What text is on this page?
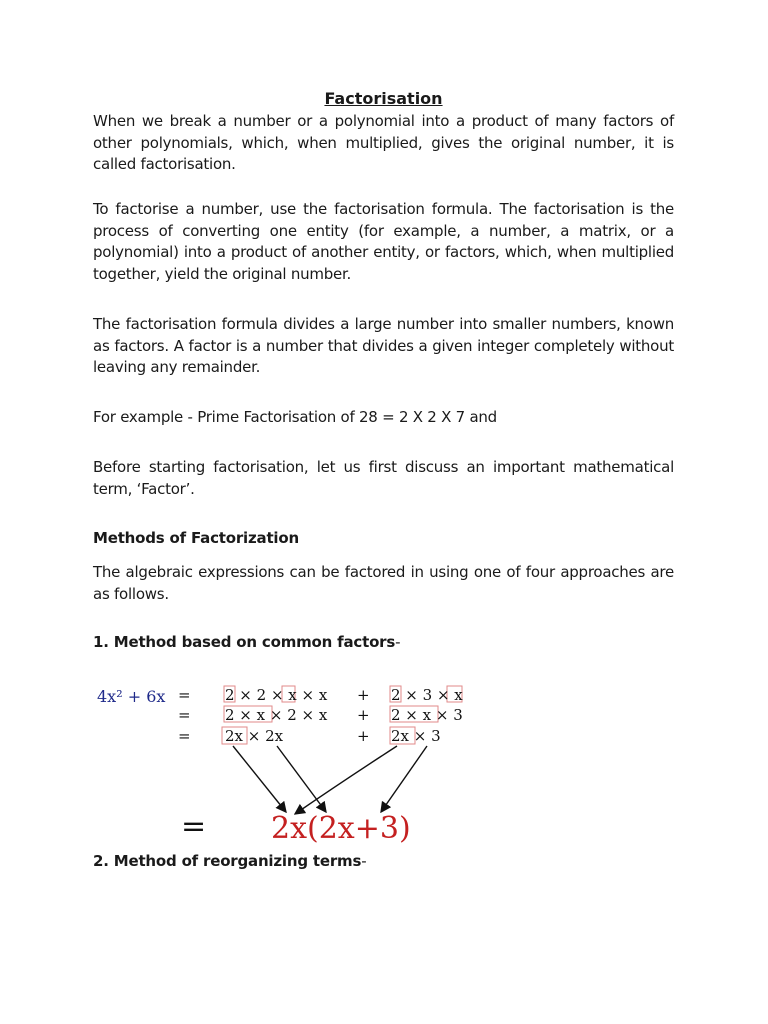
Factorisation

When we break a number or a polynomial into a product of many factors of other polynomials, which, when multiplied, gives the original number, it is called factorisation.

To factorise a number, use the factorisation formula. The factorisation is the process of converting one entity (for example, a number, a matrix, or a polynomial) into a product of another entity, or factors, which, when multiplied together, yield the original number.

The factorisation formula divides a large number into smaller numbers, known as factors. A factor is a number that divides a given integer completely without leaving any remainder.

For example - Prime Factorisation of 28 = 2 X 2 X 7 and

Before starting factorisation, let us first discuss an important mathematical term, ‘Factor’.

Methods of Factorization

The algebraic expressions can be factored in using one of four approaches are as follows.

1. Method based on common factors-

2. Method of reorganizing terms-

4x² + 6x = 2 × 2 × x × x + 2 × 3 × x
= 2 × x × 2 × x + 2 × x × 3
= 2x × 2x	+ 2x × 3
= 2x(2x+3)
